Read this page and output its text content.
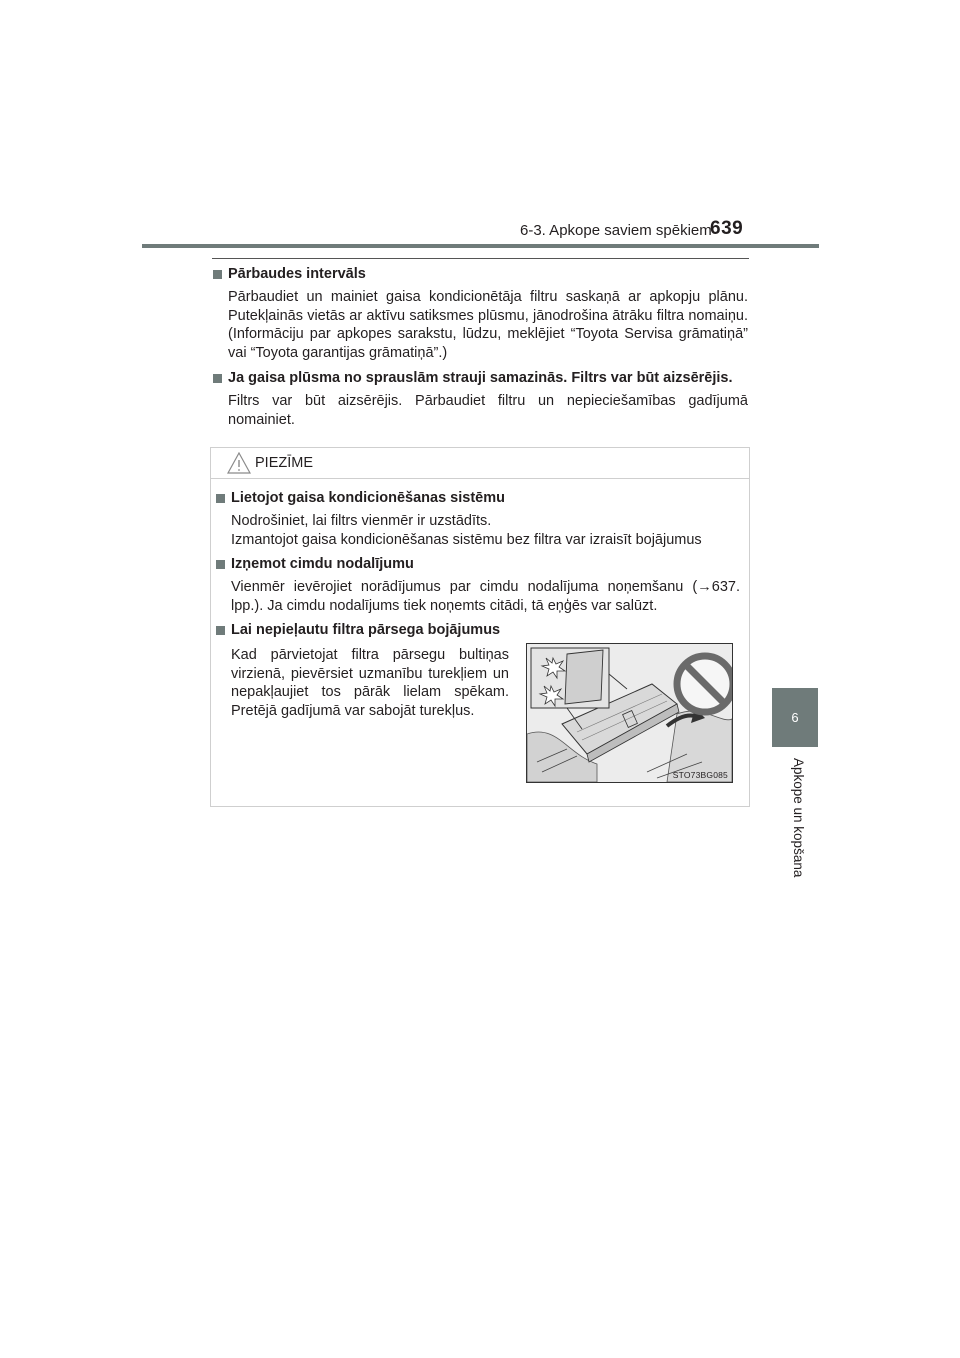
6-3. Apkope saviem spēkiem
639
6
Apkope un kopšana
Pārbaudes intervāls

Pārbaudiet un mainiet gaisa kondicionētāja filtru saskaņā ar apkopju plānu. Putekļainās vietās ar aktīvu satiksmes plūsmu, jānodrošina ātrāku filtra nomaiņu. (Informāciju par apkopes sarakstu, lūdzu, meklējiet “Toyota Servisa grāmatiņā” vai “Toyota garantijas grāmatiņā”.)

Ja gaisa plūsma no sprauslām strauji samazinās. Filtrs var būt aizsērējis.

Filtrs var būt aizsērējis. Pārbaudiet filtru un nepieciešamības gadījumā nomainiet.

PIEZĪME
Lietojot gaisa kondicionēšanas sistēmu

Nodrošiniet, lai filtrs vienmēr ir uzstādīts.
Izmantojot gaisa kondicionēšanas sistēmu bez filtra var izraisīt bojājumus

Izņemot cimdu nodalījumu

Vienmēr ievērojiet norādījumus par cimdu nodalījuma noņemšanu (→637. lpp.). Ja cimdu nodalījums tiek noņemts citādi, tā eņģēs var salūzt.

Lai nepieļautu filtra pārsega bojājumus

Kad pārvietojat filtra pārsegu bultiņas virzienā, pievērsiet uzmanību turekļiem un nepakļaujiet tos pārāk lielam spēkam. Pretējā gadījumā var sabojāt turekļus.

STO73BG085
